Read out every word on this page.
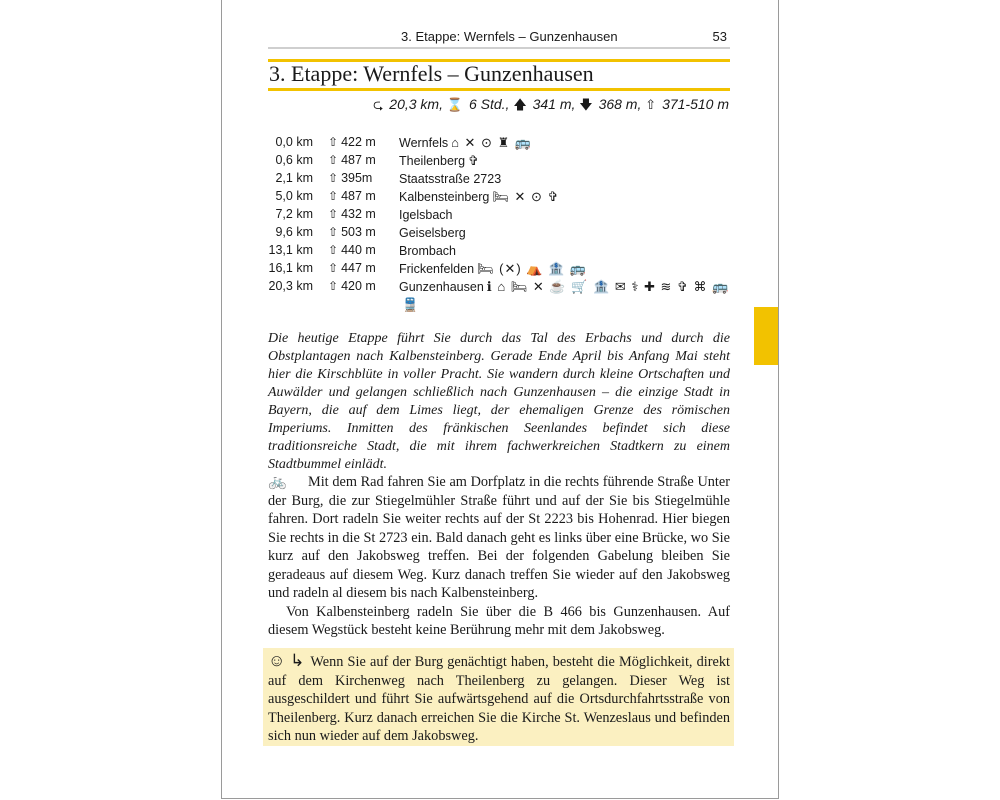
3. Etappe: Wernfels – Gunzenhausen	53
3. Etappe: Wernfels – Gunzenhausen
⮎ 20,3 km, ⌛ 6 Std., 🡅 341 m, 🡇 368 m, ⇧ 371-510 m
0,0 km ⇧ 422 m Wernfels ⌂ ✕ ⊙ ♜ 🚌
0,6 km ⇧ 487 m Theilenberg ✞
2,1 km ⇧ 395m Staatsstraße 2723
5,0 km ⇧ 487 m Kalbensteinberg 🛏 ✕ ⊙ ✞
7,2 km ⇧ 432 m Igelsbach
9,6 km ⇧ 503 m Geiselsberg
13,1 km ⇧ 440 m Brombach
16,1 km ⇧ 447 m Frickenfelden 🛏 (✕) ⛺ 🏦 🚌
20,3 km ⇧ 420 m Gunzenhausen ℹ ⌂ 🛏 ✕ ☕ 🛒 🏦 ✉ ⚕ ✚ ≋ ✞ ⌘ 🚌
🚆
Die heutige Etappe führt Sie durch das Tal des Erbachs und durch die Obstplantagen nach Kalbensteinberg. Gerade Ende April bis Anfang Mai steht hier die Kirschblüte in voller Pracht. Sie wandern durch kleine Ortschaften und Auwälder und gelangen schließlich nach Gunzenhausen – die einzige Stadt in Bayern, die auf dem Limes liegt, der ehemaligen Grenze des römischen Imperiums. Inmitten des fränkischen Seenlandes befindet sich diese traditionsreiche Stadt, die mit ihrem fachwerkreichen Stadtkern zu einem Stadtbummel einlädt.

🚲 Mit dem Rad fahren Sie am Dorfplatz in die rechts führende Straße Unter der Burg, die zur Stiegelmühler Straße führt und auf der Sie bis Stiegelmühle fahren. Dort radeln Sie weiter rechts auf der St 2223 bis Hohenrad. Hier biegen Sie rechts in die St 2723 ein. Bald danach geht es links über eine Brücke, wo Sie kurz auf den Jakobsweg treffen. Bei der folgenden Gabelung bleiben Sie geradeaus auf diesem Weg. Kurz danach treffen Sie wieder auf den Jakobsweg und radeln al diesem bis nach Kalbensteinberg.

Von Kalbensteinberg radeln Sie über die B 466 bis Gunzenhausen. Auf diesem Wegstück besteht keine Berührung mehr mit dem Jakobsweg.

☺ ↳ Wenn Sie auf der Burg genächtigt haben, besteht die Möglichkeit, direkt auf dem Kirchenweg nach Theilenberg zu gelangen. Dieser Weg ist ausgeschildert und führt Sie aufwärtsgehend auf die Ortsdurchfahrtsstraße von Theilenberg. Kurz danach erreichen Sie die Kirche St. Wenzeslaus und befinden sich nun wieder auf dem Jakobsweg.
